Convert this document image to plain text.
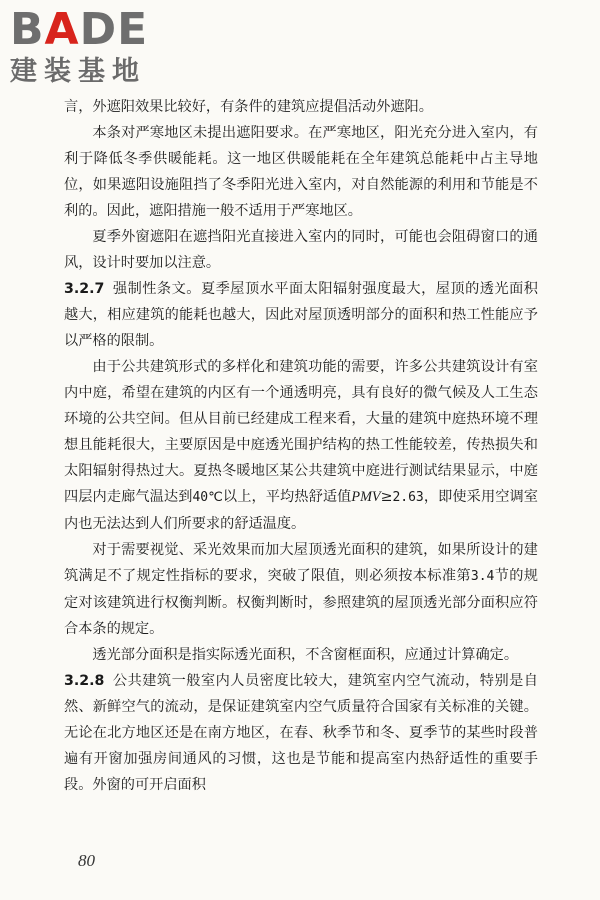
BADE
建装基地

言，外遮阳效果比较好，有条件的建筑应提倡活动外遮阳。

本条对严寒地区未提出遮阳要求。在严寒地区，阳光充分进入室内，有利于降低冬季供暖能耗。这一地区供暖能耗在全年建筑总能耗中占主导地位，如果遮阳设施阻挡了冬季阳光进入室内，对自然能源的利用和节能是不利的。因此，遮阳措施一般不适用于严寒地区。

夏季外窗遮阳在遮挡阳光直接进入室内的同时，可能也会阻碍窗口的通风，设计时要加以注意。

3.2.7 强制性条文。夏季屋顶水平面太阳辐射强度最大，屋顶的透光面积越大，相应建筑的能耗也越大，因此对屋顶透明部分的面积和热工性能应予以严格的限制。

由于公共建筑形式的多样化和建筑功能的需要，许多公共建筑设计有室内中庭，希望在建筑的内区有一个通透明亮，具有良好的微气候及人工生态环境的公共空间。但从目前已经建成工程来看，大量的建筑中庭热环境不理想且能耗很大，主要原因是中庭透光围护结构的热工性能较差，传热损失和太阳辐射得热过大。夏热冬暖地区某公共建筑中庭进行测试结果显示，中庭四层内走廊气温达到40℃以上，平均热舒适值PMV≥2.63，即使采用空调室内也无法达到人们所要求的舒适温度。

对于需要视觉、采光效果而加大屋顶透光面积的建筑，如果所设计的建筑满足不了规定性指标的要求，突破了限值，则必须按本标准第3.4节的规定对该建筑进行权衡判断。权衡判断时，参照建筑的屋顶透光部分面积应符合本条的规定。

透光部分面积是指实际透光面积，不含窗框面积，应通过计算确定。

3.2.8 公共建筑一般室内人员密度比较大，建筑室内空气流动，特别是自然、新鲜空气的流动，是保证建筑室内空气质量符合国家有关标准的关键。无论在北方地区还是在南方地区，在春、秋季节和冬、夏季节的某些时段普遍有开窗加强房间通风的习惯，这也是节能和提高室内热舒适性的重要手段。外窗的可开启面积

80
